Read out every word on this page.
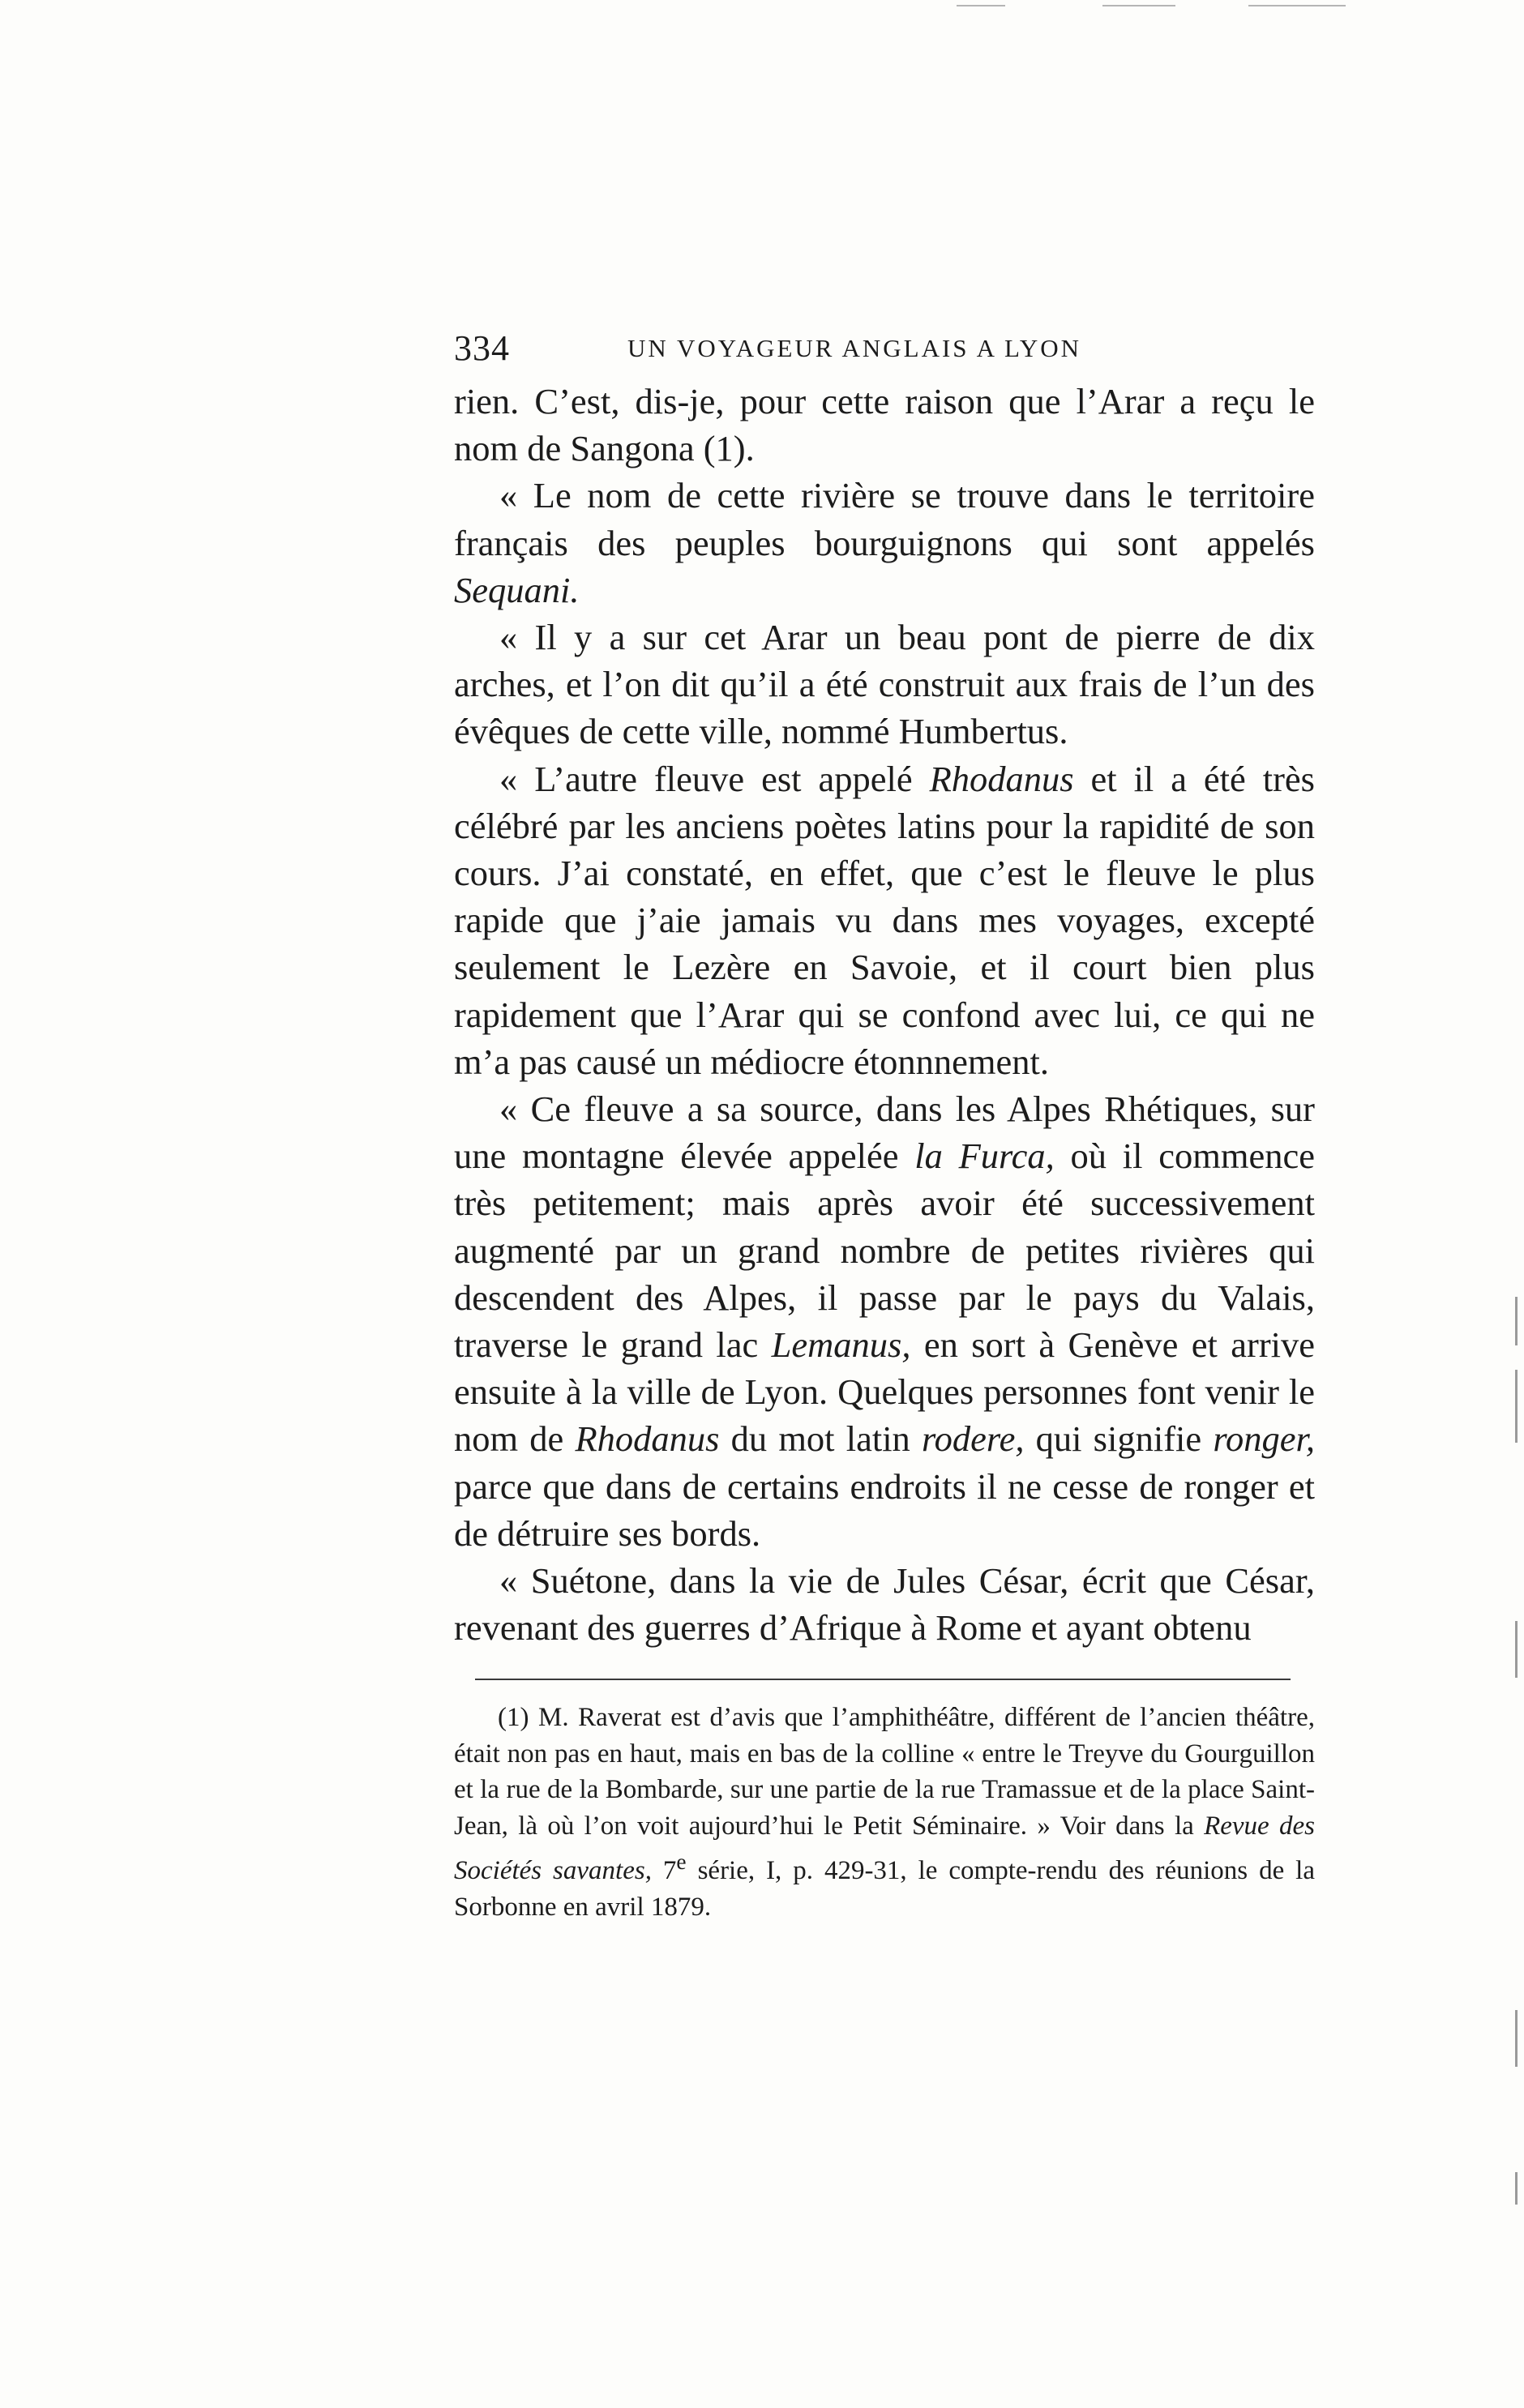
334	UN VOYAGEUR ANGLAIS A LYON

rien. C’est, dis-je, pour cette raison que l’Arar a reçu le nom de Sangona (1).

« Le nom de cette rivière se trouve dans le territoire français des peuples bourguignons qui sont appelés Sequani.

« Il y a sur cet Arar un beau pont de pierre de dix arches, et l’on dit qu’il a été construit aux frais de l’un des évêques de cette ville, nommé Humbertus.

« L’autre fleuve est appelé Rhodanus et il a été très célébré par les anciens poètes latins pour la rapidité de son cours. J’ai constaté, en effet, que c’est le fleuve le plus rapide que j’aie jamais vu dans mes voyages, excepté seulement le Lezère en Savoie, et il court bien plus rapidement que l’Arar qui se confond avec lui, ce qui ne m’a pas causé un médiocre étonnnement.

« Ce fleuve a sa source, dans les Alpes Rhétiques, sur une montagne élevée appelée la Furca, où il commence très petitement; mais après avoir été successivement augmenté par un grand nombre de petites rivières qui descendent des Alpes, il passe par le pays du Valais, traverse le grand lac Lemanus, en sort à Genève et arrive ensuite à la ville de Lyon. Quelques personnes font venir le nom de Rhodanus du mot latin rodere, qui signifie ronger, parce que dans de certains endroits il ne cesse de ronger et de détruire ses bords.

« Suétone, dans la vie de Jules César, écrit que César, revenant des guerres d’Afrique à Rome et ayant obtenu

(1) M. Raverat est d’avis que l’amphithéâtre, différent de l’ancien théâtre, était non pas en haut, mais en bas de la colline « entre le Treyve du Gourguillon et la rue de la Bombarde, sur une partie de la rue Tramassue et de la place Saint-Jean, là où l’on voit aujourd’hui le Petit Séminaire. » Voir dans la Revue des Sociétés savantes, 7e série, I, p. 429-31, le compte-rendu des réunions de la Sorbonne en avril 1879.
